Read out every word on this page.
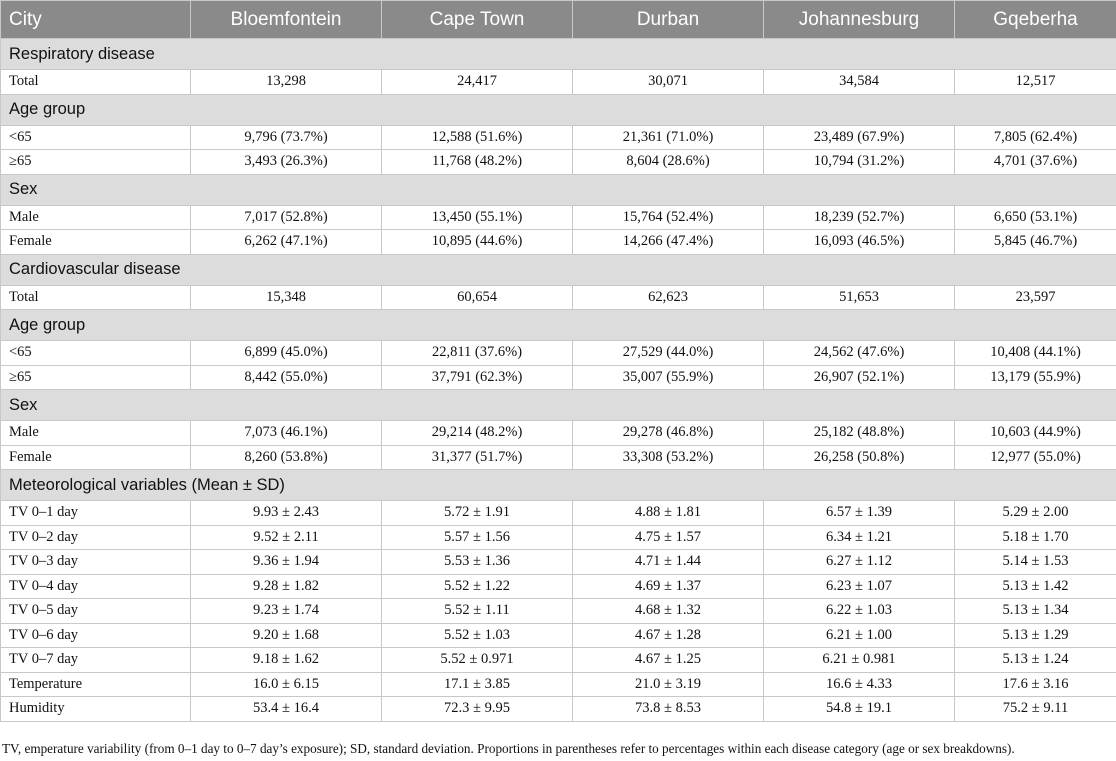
City	Bloemfontein	Cape Town	Durban	Johannesburg	Gqeberha
Respiratory disease					
Total	13,298	24,417	30,071	34,584	12,517
Age group					
<65	9,796 (73.7%)	12,588 (51.6%)	21,361 (71.0%)	23,489 (67.9%)	7,805 (62.4%)
≥65	3,493 (26.3%)	11,768 (48.2%)	8,604 (28.6%)	10,794 (31.2%)	4,701 (37.6%)
Sex					
Male	7,017 (52.8%)	13,450 (55.1%)	15,764 (52.4%)	18,239 (52.7%)	6,650 (53.1%)
Female	6,262 (47.1%)	10,895 (44.6%)	14,266 (47.4%)	16,093 (46.5%)	5,845 (46.7%)
Cardiovascular disease					
Total	15,348	60,654	62,623	51,653	23,597
Age group					
<65	6,899 (45.0%)	22,811 (37.6%)	27,529 (44.0%)	24,562 (47.6%)	10,408 (44.1%)
≥65	8,442 (55.0%)	37,791 (62.3%)	35,007 (55.9%)	26,907 (52.1%)	13,179 (55.9%)
Sex					
Male	7,073 (46.1%)	29,214 (48.2%)	29,278 (46.8%)	25,182 (48.8%)	10,603 (44.9%)
Female	8,260 (53.8%)	31,377 (51.7%)	33,308 (53.2%)	26,258 (50.8%)	12,977 (55.0%)
Meteorological variables (Mean ± SD)					
TV 0–1 day	9.93 ± 2.43	5.72 ± 1.91	4.88 ± 1.81	6.57 ± 1.39	5.29 ± 2.00
TV 0–2 day	9.52 ± 2.11	5.57 ± 1.56	4.75 ± 1.57	6.34 ± 1.21	5.18 ± 1.70
TV 0–3 day	9.36 ± 1.94	5.53 ± 1.36	4.71 ± 1.44	6.27 ± 1.12	5.14 ± 1.53
TV 0–4 day	9.28 ± 1.82	5.52 ± 1.22	4.69 ± 1.37	6.23 ± 1.07	5.13 ± 1.42
TV 0–5 day	9.23 ± 1.74	5.52 ± 1.11	4.68 ± 1.32	6.22 ± 1.03	5.13 ± 1.34
TV 0–6 day	9.20 ± 1.68	5.52 ± 1.03	4.67 ± 1.28	6.21 ± 1.00	5.13 ± 1.29
TV 0–7 day	9.18 ± 1.62	5.52 ± 0.971	4.67 ± 1.25	6.21 ± 0.981	5.13 ± 1.24
Temperature	16.0 ± 6.15	17.1 ± 3.85	21.0 ± 3.19	16.6 ± 4.33	17.6 ± 3.16
Humidity	53.4 ± 16.4	72.3 ± 9.95	73.8 ± 8.53	54.8 ± 19.1	75.2 ± 9.11
TV, emperature variability (from 0–1 day to 0–7 day’s exposure); SD, standard deviation. Proportions in parentheses refer to percentages within each disease category (age or sex breakdowns).
